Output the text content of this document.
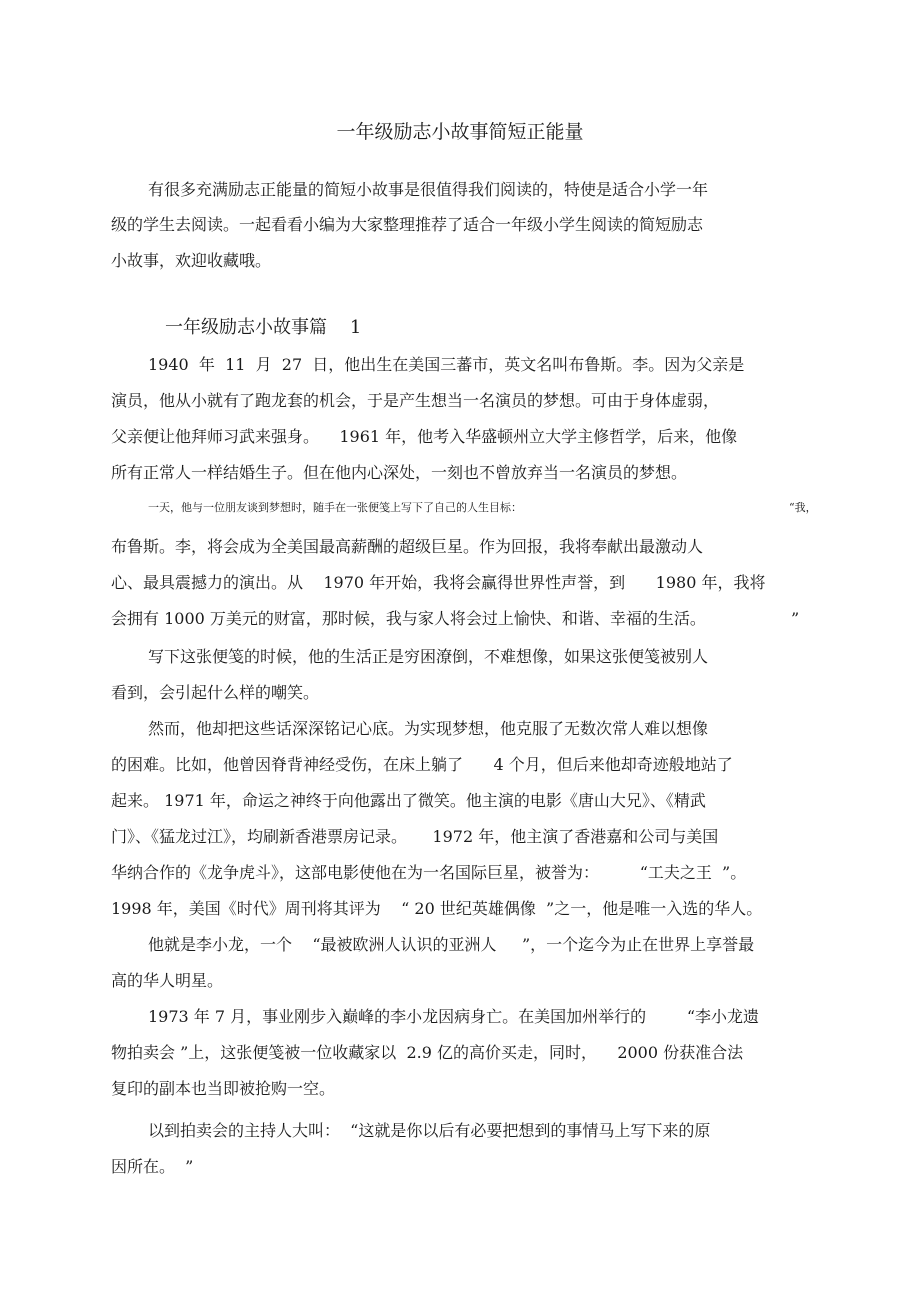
一年级励志小故事简短正能量
有很多充满励志正能量的简短小故事是很值得我们阅读的，特使是适合小学一年
级的学生去阅读。一起看看小编为大家整理推荐了适合一年级小学生阅读的简短励志
小故事，欢迎收藏哦。
一年级励志小故事篇    1
1940  年  11  月  27  日，他出生在美国三蕃市，英文名叫布鲁斯。李。因为父亲是
演员，他从小就有了跑龙套的机会，于是产生想当一名演员的梦想。可由于身体虚弱，
父亲便让他拜师习武来强身。    1961 年，他考入华盛顿州立大学主修哲学，后来，他像
所有正常人一样结婚生子。但在他内心深处，一刻也不曾放弃当一名演员的梦想。
一天，他与一位朋友谈到梦想时，随手在一张便笺上写下了自己的人生目标：	“我，
布鲁斯。李，将会成为全美国最高薪酬的超级巨星。作为回报，我将奉献出最激动人
心、最具震撼力的演出。从    1970 年开始，我将会赢得世界性声誉，到      1980 年，我将
会拥有 1000 万美元的财富，那时候，我与家人将会过上愉快、和谐、幸福的生活。	”
写下这张便笺的时候，他的生活正是穷困潦倒，不难想像，如果这张便笺被别人
看到，会引起什么样的嘲笑。
然而，他却把这些话深深铭记心底。为实现梦想，他克服了无数次常人难以想像
的困难。比如，他曾因脊背神经受伤，在床上躺了      4 个月，但后来他却奇迹般地站了
起来。 1971 年，命运之神终于向他露出了微笑。他主演的电影《唐山大兄》、《精武
门》、《猛龙过江》，均刷新香港票房记录。     1972 年，他主演了香港嘉和公司与美国
华纳合作的《龙争虎斗》，这部电影使他在为一名国际巨星，被誉为：        “工夫之王  ”。
1998 年，美国《时代》周刊将其评为    “ 20 世纪英雄偶像  ”之一，他是唯一入选的华人。
他就是李小龙，一个    “最被欧洲人认识的亚洲人     ”，一个迄今为止在世界上享誉最
高的华人明星。
1973 年 7 月，事业刚步入巅峰的李小龙因病身亡。在美国加州举行的        “李小龙遗
物拍卖会 ”上，这张便笺被一位收藏家以  2.9 亿的高价买走，同时，    2000 份获准合法
复印的副本也当即被抢购一空。
以到拍卖会的主持人大叫：  “这就是你以后有必要把想到的事情马上写下来的原
因所在。  ”
